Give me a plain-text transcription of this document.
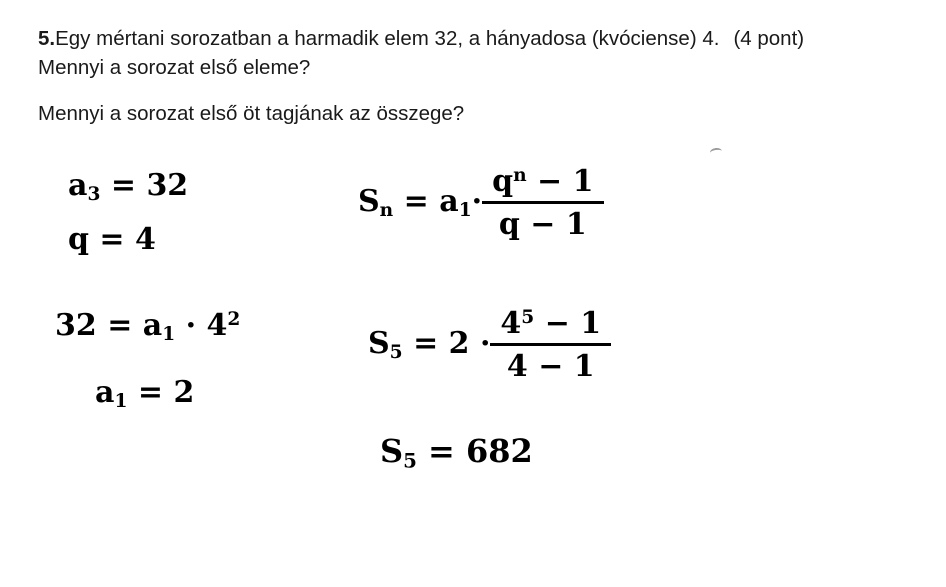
5.Egy mértani sorozatban a harmadik elem 32, a hányadosa (kvóciense) 4. (4 pont)
Mennyi a sorozat első eleme?
Mennyi a sorozat első öt tagjának az összege?
$a_3 = 32$
q = 4
$32 = a_1 \cdot 4^2$
$a_1 = 2$
$S_n = a_1\cdot \frac{q^n - 1}{q - 1}$
$S_5 = 2 \cdot \frac{4^5 - 1}{4 - 1}$
$S_5 = 682$
